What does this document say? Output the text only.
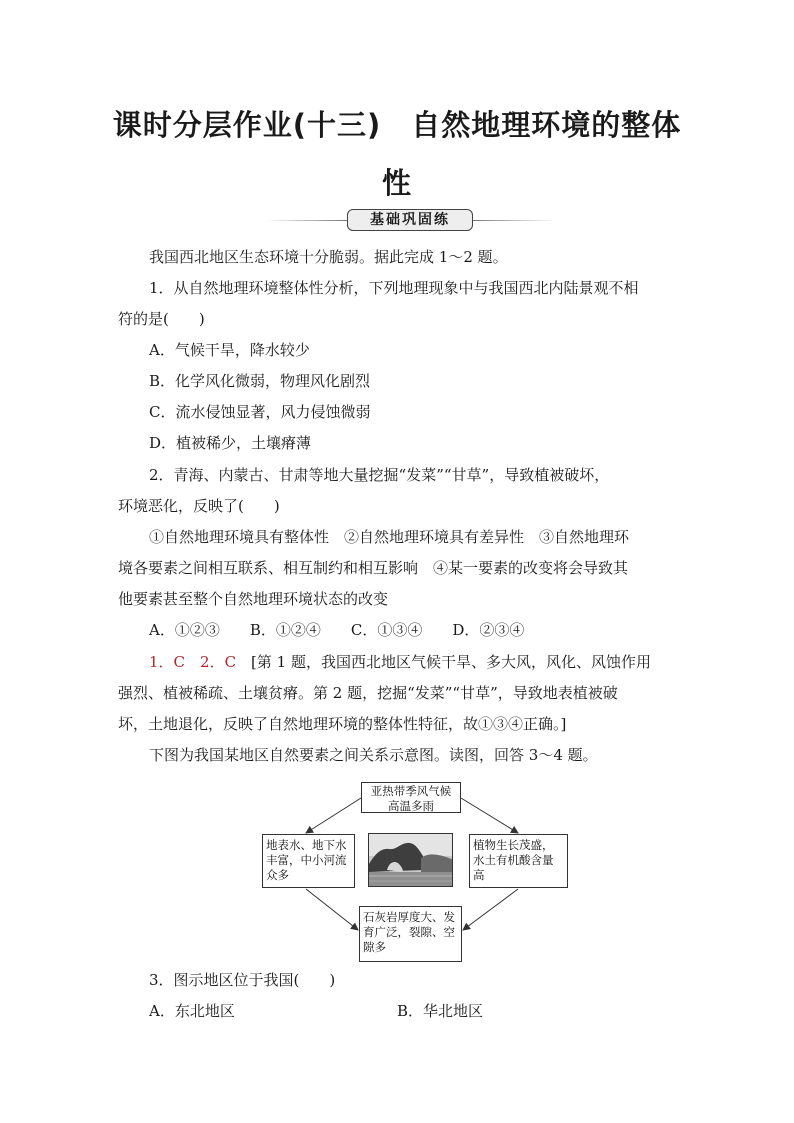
课时分层作业(十三) 自然地理环境的整体
性
基础巩固练
我国西北地区生态环境十分脆弱。据此完成 1～2 题。
1．从自然地理环境整体性分析，下列地理现象中与我国西北内陆景观不相
符的是(　　)
A．气候干旱，降水较少
B．化学风化微弱，物理风化剧烈
C．流水侵蚀显著，风力侵蚀微弱
D．植被稀少，土壤瘠薄
2．青海、内蒙古、甘肃等地大量挖掘“发菜”“甘草”，导致植被破坏，
环境恶化，反映了(　　)
①自然地理环境具有整体性　②自然地理环境具有差异性　③自然地理环
境各要素之间相互联系、相互制约和相互影响　④某一要素的改变将会导致其
他要素甚至整个自然地理环境状态的改变
A．①②③　　B．①②④　　C．①③④　　D．②③④
1．C　2．C　[第 1 题，我国西北地区气候干旱、多大风，风化、风蚀作用
强烈、植被稀疏、土壤贫瘠。第 2 题，挖掘“发菜”“甘草”，导致地表植被破
坏，土地退化，反映了自然地理环境的整体性特征，故①③④正确。]
下图为我国某地区自然要素之间关系示意图。读图，回答 3～4 题。
3．图示地区位于我国(　　)
A．东北地区	B．华北地区
亚热带季风气候
高温多雨
地表水、地下水
丰富，中小河流
众多
植物生长茂盛，
水土有机酸含量
高
石灰岩厚度大、发
育广泛，裂隙、空
隙多
